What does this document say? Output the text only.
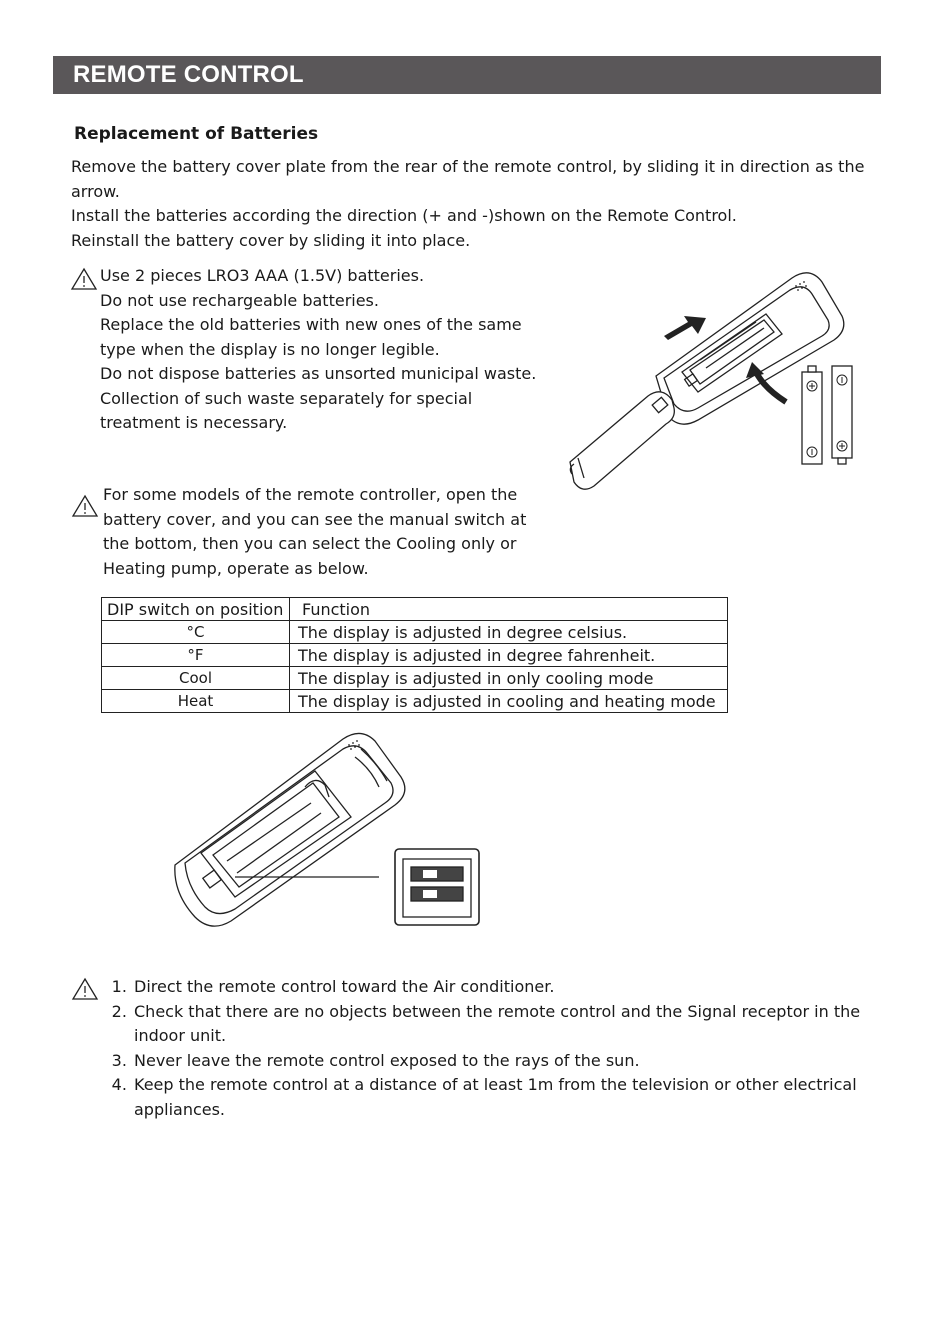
REMOTE CONTROL
Replacement of Batteries

Remove the battery cover plate from the rear of the remote control, by sliding it in direction as the arrow.

Install the batteries according the direction (+ and -)shown on the Remote Control.

Reinstall the battery cover by sliding it into place.

Use 2 pieces LRO3 AAA (1.5V) batteries.

Do not use rechargeable batteries.

Replace the old batteries with new ones of the same type when the display is no longer legible.

Do not dispose batteries as unsorted municipal waste. Collection of such waste separately for special treatment is necessary.

For some models of the remote controller, open the battery cover, and you can see the manual switch at the bottom, then you can select the Cooling only or Heating pump, operate as below.
DIP switch on position	Function
°C	The display is adjusted in degree celsius.
°F	The display is adjusted in degree fahrenheit.
Cool	The display is adjusted in only cooling mode
Heat	The display is adjusted in cooling and heating mode
1. Direct the remote control toward the Air conditioner.
2. Check that there are no objects between the remote control and the Signal receptor in the indoor unit.
3. Never leave the remote control exposed to the rays of the sun.
4. Keep the remote control at a distance of at least 1m from the television or other electrical appliances.
